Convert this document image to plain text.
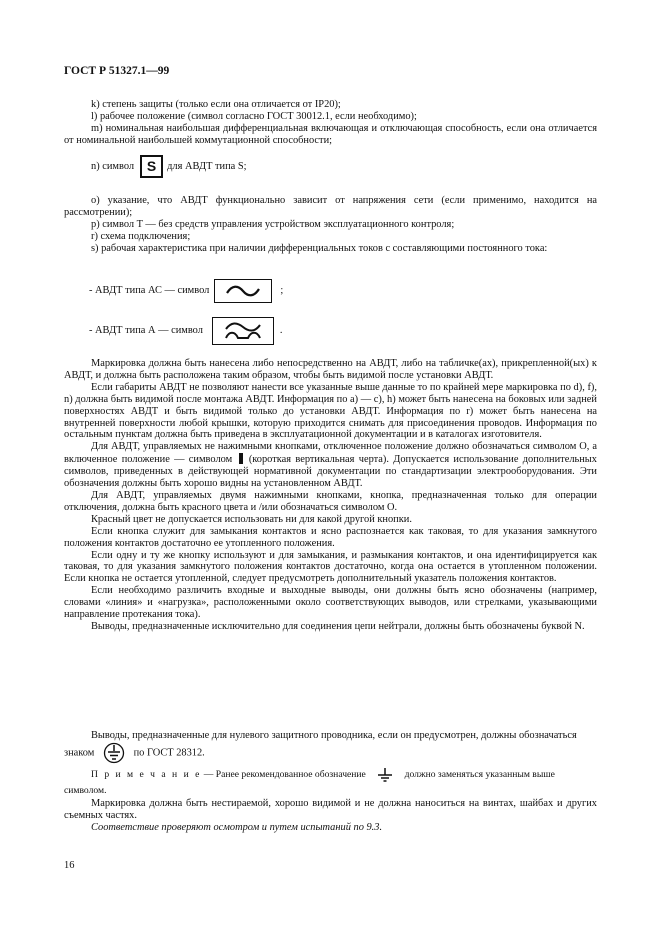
ГОСТ Р 51327.1—99

k) степень защиты (только если она отличается от IP20);

l) рабочее положение (символ согласно ГОСТ 30012.1, если необходимо);

m) номинальная наибольшая дифференциальная включающая и отключающая способность, если она отличается от номинальной наибольшей коммутационной способности;

n) символ S	для АВДТ типа S;

o) указание, что АВДТ функционально зависит от напряжения сети (если применимо, находится на рассмотрении);

p) символ T — без средств управления устройством эксплуатационного контроля;

r) схема подключения;

s) рабочая характеристика при наличии дифференциальных токов с составляющими постоянного тока:

- АВДТ типа АС — символ	;
- АВДТ типа А — символ	.

Маркировка должна быть нанесена либо непосредственно на АВДТ, либо на табличке(ах), прикрепленной(ых) к АВДТ, и должна быть расположена таким образом, чтобы быть видимой после установки АВДТ.

Если габариты АВДТ не позволяют нанести все указанные выше данные то по крайней мере маркировка по d), f), n) должна быть видимой после монтажа АВДТ. Информация по а) — с), h) может быть нанесена на боковых или задней поверхностях АВДТ и быть видимой только до установки АВДТ. Информация по r) может быть нанесена на внутренней поверхности любой крышки, которую приходится снимать для присоединения проводов. Информация по остальным пунктам должна быть приведена в эксплуатационной документации и в каталогах изготовителя.

Для АВДТ, управляемых не нажимными кнопками, отключенное положение должно обозначаться символом O, а включенное положение — символом (короткая вертикальная черта). Допускается использование дополнительных символов, приведенных в действующей нормативной документации по стандартизации электрооборудования. Эти обозначения должны быть хорошо видны на установленном АВДТ.

Для АВДТ, управляемых двумя нажимными кнопками, кнопка, предназначенная только для операции отключения, должна быть красного цвета и /или обозначаться символом O.

Красный цвет не допускается использовать ни для какой другой кнопки.

Если кнопка служит для замыкания контактов и ясно распознается как таковая, то для указания замкнутого положения контактов достаточно ее утопленного положения.

Если одну и ту же кнопку используют и для замыкания, и размыкания контактов, и она идентифицируется как таковая, то для указания замкнутого положения контактов достаточно, когда она остается в утопленном положении. Если кнопка не остается утопленной, следует предусмотреть дополнительный указатель положения контактов.

Если необходимо различить входные и выходные выводы, они должны быть ясно обозначены (например, словами «линия» и «нагрузка», расположенными около соответствующих выводов, или стрелками, указывающими направление протекания тока).

Выводы, предназначенные исключительно для соединения цепи нейтрали, должны быть обозначены буквой N.

Выводы, предназначенные для нулевого защитного проводника, если он предусмотрен, должны обозначаться знаком	по ГОСТ 28312.

П р и м е ч а н и е — Ранее рекомендованное обозначение	должно заменяться указанным выше символом.

Маркировка должна быть нестираемой, хорошо видимой и не должна наноситься на винтах, шайбах и других съемных частях.

Соответствие проверяют осмотром и путем испытаний по 9.3.

16
